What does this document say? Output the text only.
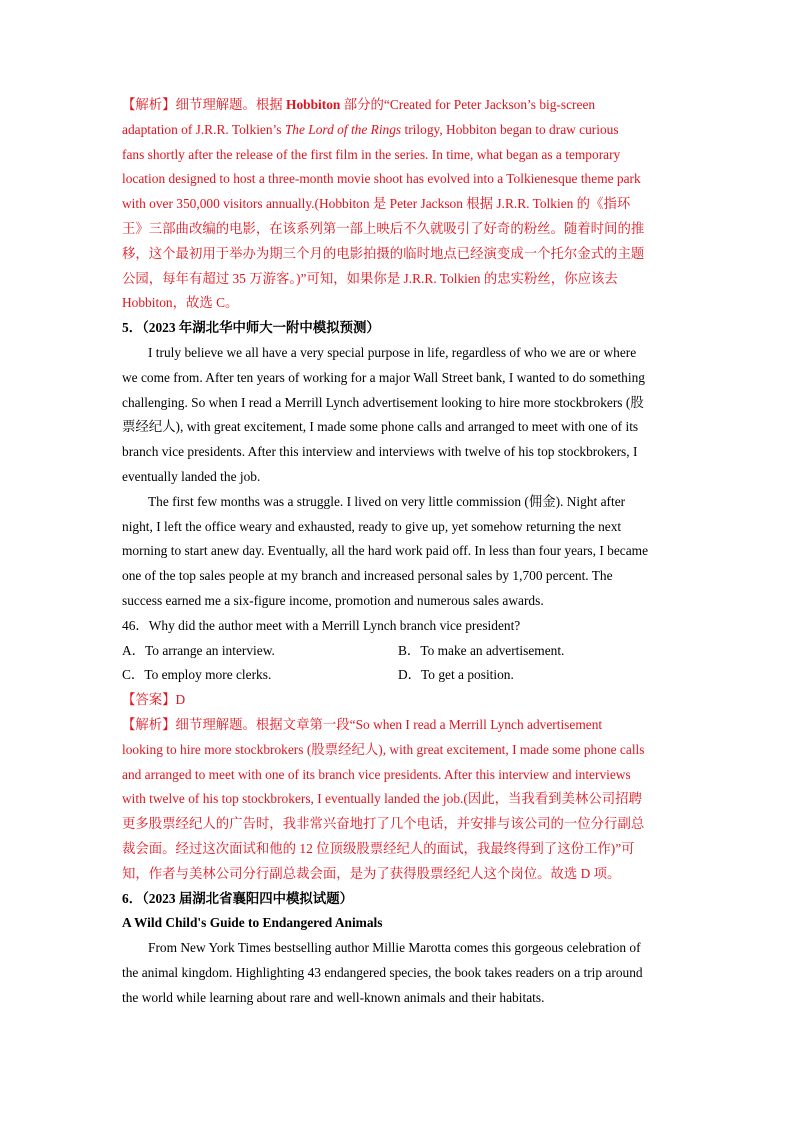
【解析】细节理解题。根据 Hobbiton 部分的“Created for Peter Jackson’s big-screen
adaptation of J.R.R. Tolkien’s The Lord of the Rings trilogy, Hobbiton began to draw curious
fans shortly after the release of the first film in the series. In time, what began as a temporary
location designed to host a three-month movie shoot has evolved into a Tolkienesque theme park
with over 350,000 visitors annually.(Hobbiton 是 Peter Jackson 根据 J.R.R. Tolkien 的《指环
王》三部曲改编的电影，在该系列第一部上映后不久就吸引了好奇的粉丝。随着时间的推
移，这个最初用于举办为期三个月的电影拍摄的临时地点已经演变成一个托尔金式的主题
公园，每年有超过 35 万游客。)”可知，如果你是 J.R.R. Tolkien 的忠实粉丝，你应该去
Hobbiton，故选 C。
5．（2023 年湖北华中师大一附中模拟预测）
I truly believe we all have a very special purpose in life, regardless of who we are or where
we come from. After ten years of working for a major Wall Street bank, I wanted to do something
challenging. So when I read a Merrill Lynch advertisement looking to hire more stockbrokers (股
票经纪人), with great excitement, I made some phone calls and arranged to meet with one of its
branch vice presidents. After this interview and interviews with twelve of his top stockbrokers, I
eventually landed the job.
The first few months was a struggle. I lived on very little commission (佣金). Night after
night, I left the office weary and exhausted, ready to give up, yet somehow returning the next
morning to start anew day. Eventually, all the hard work paid off. In less than four years, I became
one of the top sales people at my branch and increased personal sales by 1,700 percent. The
success earned me a six-figure income, promotion and numerous sales awards.
46．Why did the author meet with a Merrill Lynch branch vice president?
A．To arrange an interview.	B．To make an advertisement.
C．To employ more clerks.	D．To get a position.
【答案】D
【解析】细节理解题。根据文章第一段“So when I read a Merrill Lynch advertisement
looking to hire more stockbrokers (股票经纪人), with great excitement, I made some phone calls
and arranged to meet with one of its branch vice presidents. After this interview and interviews
with twelve of his top stockbrokers, I eventually landed the job.(因此，当我看到美林公司招聘
更多股票经纪人的广告时，我非常兴奋地打了几个电话，并安排与该公司的一位分行副总
裁会面。经过这次面试和他的 12 位顶级股票经纪人的面试，我最终得到了这份工作)”可
知，作者与美林公司分行副总裁会面，是为了获得股票经纪人这个岗位。故选 D 项。
6．（2023 届湖北省襄阳四中模拟试题）
A Wild Child's Guide to Endangered Animals
From New York Times bestselling author Millie Marotta comes this gorgeous celebration of
the animal kingdom. Highlighting 43 endangered species, the book takes readers on a trip around
the world while learning about rare and well-known animals and their habitats.
